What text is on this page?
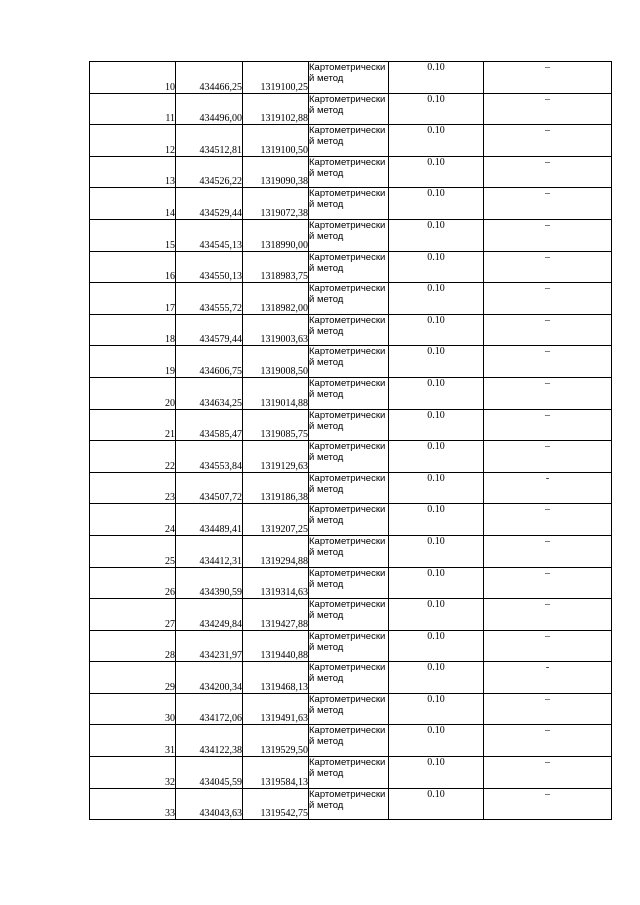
10	434466,25	1319100,25	Картометрический метод	0.10	–
11	434496,00	1319102,88	Картометрический метод	0.10	–
12	434512,81	1319100,50	Картометрический метод	0.10	–
13	434526,22	1319090,38	Картометрический метод	0.10	–
14	434529,44	1319072,38	Картометрический метод	0.10	–
15	434545,13	1318990,00	Картометрический метод	0.10	–
16	434550,13	1318983,75	Картометрический метод	0.10	–
17	434555,72	1318982,00	Картометрический метод	0.10	–
18	434579,44	1319003,63	Картометрический метод	0.10	–
19	434606,75	1319008,50	Картометрический метод	0.10	–
20	434634,25	1319014,88	Картометрический метод	0.10	–
21	434585,47	1319085,75	Картометрический метод	0.10	–
22	434553,84	1319129,63	Картометрический метод	0.10	–
23	434507,72	1319186,38	Картометрический метод	0.10	-
24	434489,41	1319207,25	Картометрический метод	0.10	–
25	434412,31	1319294,88	Картометрический метод	0.10	–
26	434390,59	1319314,63	Картометрический метод	0.10	–
27	434249,84	1319427,88	Картометрический метод	0.10	–
28	434231,97	1319440,88	Картометрический метод	0.10	–
29	434200,34	1319468,13	Картометрический метод	0.10	-
30	434172,06	1319491,63	Картометрический метод	0.10	–
31	434122,38	1319529,50	Картометрический метод	0.10	–
32	434045,59	1319584,13	Картометрический метод	0.10	–
33	434043,63	1319542,75	Картометрический метод	0.10	–
